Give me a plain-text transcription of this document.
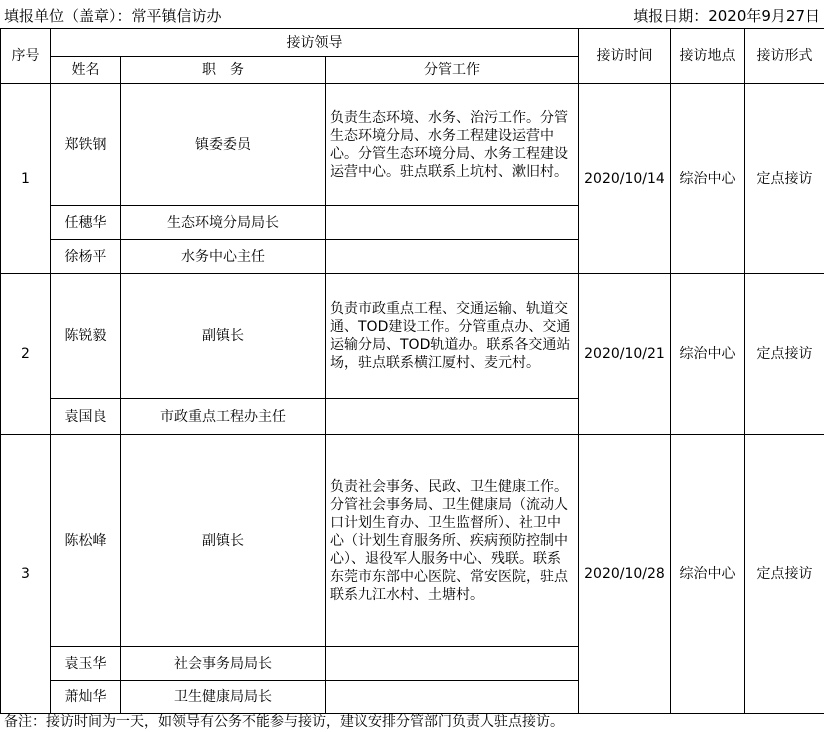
填报单位（盖章）：常平镇信访办	填报日期：2020年9月27日
序号	接访领导			接访时间	接访地点	接访形式
	姓名	职　务	分管工作			
1	郑铁钢	镇委委员	负责生态环境、水务、治污工作。分管生态环境分局、水务工程建设运营中心。分管生态环境分局、水务工程建设运营中心。驻点联系上坑村、漱旧村。	2020/10/14	综治中心	定点接访
	任穗华	生态环境分局局长				
	徐杨平	水务中心主任				
2	陈锐毅	副镇长	负责市政重点工程、交通运输、轨道交通、TOD建设工作。分管重点办、交通运输分局、TOD轨道办。联系各交通站场，驻点联系横江厦村、麦元村。	2020/10/21	综治中心	定点接访
	袁国良	市政重点工程办主任				
3	陈松峰	副镇长	负责社会事务、民政、卫生健康工作。分管社会事务局、卫生健康局（流动人口计划生育办、卫生监督所）、社卫中心（计划生育服务所、疾病预防控制中心）、退役军人服务中心、残联。联系东莞市东部中心医院、常安医院，驻点联系九江水村、土塘村。	2020/10/28	综治中心	定点接访
	袁玉华	社会事务局局长				
	萧灿华	卫生健康局局长				
备注：接访时间为一天，如领导有公务不能参与接访，建议安排分管部门负责人驻点接访。
